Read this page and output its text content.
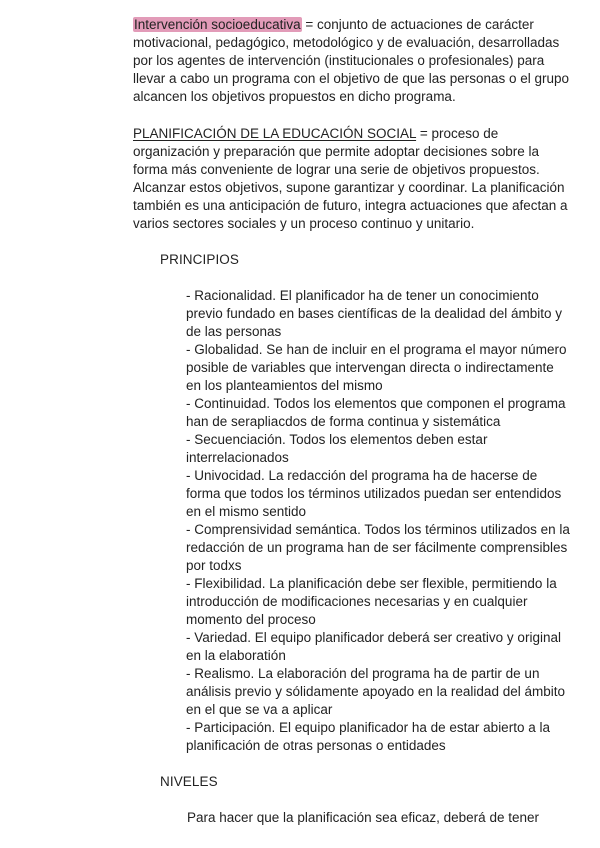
Intervención socioeducativa = conjunto de actuaciones de carácter motivacional, pedagógico, metodológico y de evaluación, desarrolladas por los agentes de intervención (institucionales o profesionales) para llevar a cabo un programa con el objetivo de que las personas o el grupo alcancen los objetivos propuestos en dicho programa.

PLANIFICACIÓN DE LA EDUCACIÓN SOCIAL = proceso de organización y preparación que permite adoptar decisiones sobre la forma más conveniente de lograr una serie de objetivos propuestos. Alcanzar estos objetivos, supone garantizar y coordinar. La planificación también es una anticipación de futuro, integra actuaciones que afectan a varios sectores sociales y un proceso continuo y unitario.

PRINCIPIOS
- Racionalidad. El planificador ha de tener un conocimiento previo fundado en bases científicas de la dealidad del ámbito y de las personas
- Globalidad. Se han de incluir en el programa el mayor número posible de variables que intervengan directa o indirectamente en los planteamientos del mismo
- Continuidad. Todos los elementos que componen el programa han de serapliacdos de forma continua y sistemática
- Secuenciación. Todos los elementos deben estar interrelacionados
- Univocidad. La redacción del programa ha de hacerse de forma que todos los términos utilizados puedan ser entendidos en el mismo sentido
- Comprensividad semántica. Todos los términos utilizados en la redacción de un programa han de ser fácilmente comprensibles por todxs
- Flexibilidad. La planificación debe ser flexible, permitiendo la introducción de modificaciones necesarias y en cualquier momento del proceso
- Variedad. El equipo planificador deberá ser creativo y original en la elaboratión
- Realismo. La elaboración del programa ha de partir de un análisis previo y sólidamente apoyado en la realidad del ámbito en el que se va a aplicar
- Participación. El equipo planificador ha de estar abierto a la planificación de otras personas o entidades
NIVELES

Para hacer que la planificación sea eficaz, deberá de tener
